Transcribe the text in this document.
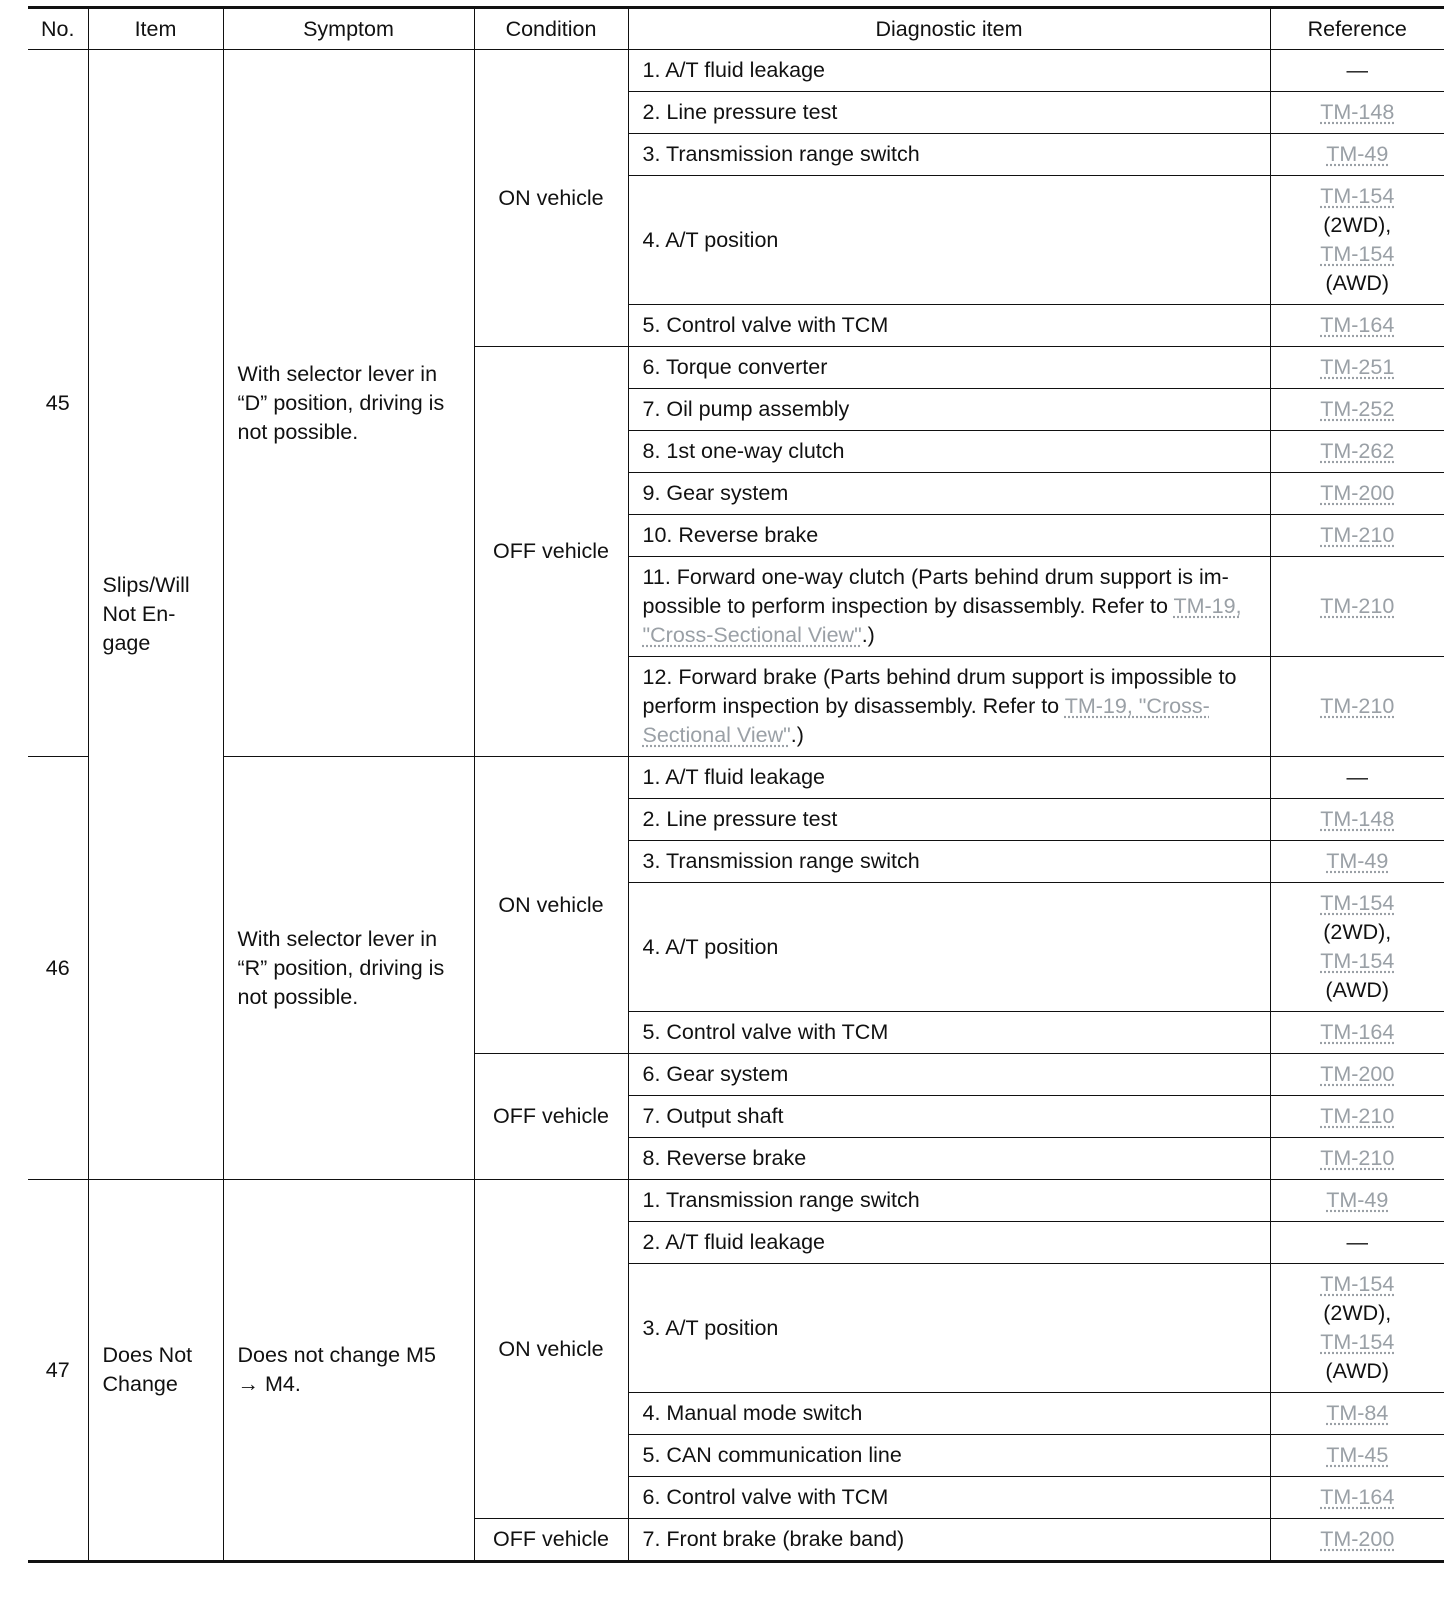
No.	Item	Symptom	Condition	Diagnostic item	Reference
45	Slips/Will Not En-gage	With selector lever in “D” position, driving is not possible.	ON vehicle	1. A/T fluid leakage	—

				2. Line pressure test	TM-148

				3. Transmission range switch	TM-49

				4. A/T position	TM-154
(2WD),
TM-154
(AWD)

				5. Control valve with TCM	TM-164

			OFF vehicle	6. Torque converter	TM-251

				7. Oil pump assembly	TM-252

				8. 1st one-way clutch	TM-262

				9. Gear system	TM-200

				10. Reverse brake	TM-210

				11. Forward one-way clutch (Parts behind drum support is im-possible to perform inspection by disassembly. Refer to TM-19, "Cross-Sectional View".)	TM-210

				12. Forward brake (Parts behind drum support is impossible to perform inspection by disassembly. Refer to TM-19, "Cross-Sectional View".)	TM-210

46		With selector lever in “R” position, driving is not possible.	ON vehicle	1. A/T fluid leakage	—

				2. Line pressure test	TM-148

				3. Transmission range switch	TM-49

				4. A/T position	TM-154
(2WD),
TM-154
(AWD)

				5. Control valve with TCM	TM-164

			OFF vehicle	6. Gear system	TM-200

				7. Output shaft	TM-210

				8. Reverse brake	TM-210

47	Does Not Change	Does not change M5 → M4.	ON vehicle	1. Transmission range switch	TM-49

				2. A/T fluid leakage	—

				3. A/T position	TM-154
(2WD),
TM-154
(AWD)

				4. Manual mode switch	TM-84

				5. CAN communication line	TM-45

				6. Control valve with TCM	TM-164

			OFF vehicle	7. Front brake (brake band)	TM-200
